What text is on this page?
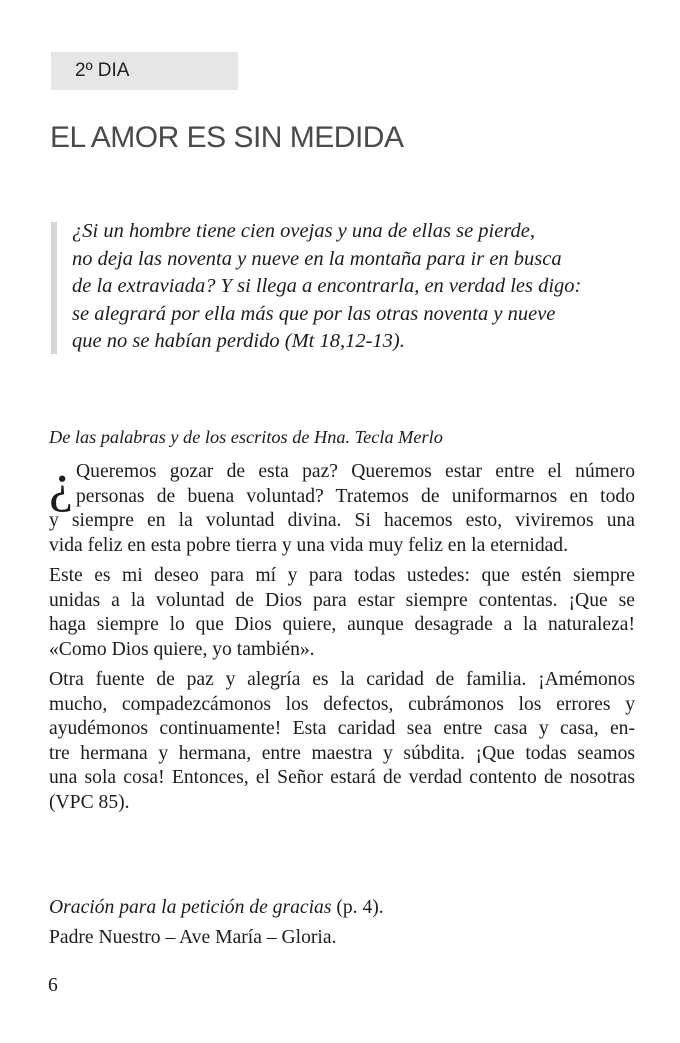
2º DIA
EL AMOR ES SIN MEDIDA
¿Si un hombre tiene cien ovejas y una de ellas se pierde,
no deja las noventa y nueve en la montaña para ir en busca
de la extraviada? Y si llega a encontrarla, en verdad les digo:
se alegrará por ella más que por las otras noventa y nueve
que no se habían perdido (Mt 18,12-13).

De las palabras y de los escritos de Hna. Tecla Merlo

¿ Queremos gozar de esta paz? Queremos estar entre el número
personas de buena voluntad? Tratemos de uniformarnos en todo
y siempre en la voluntad divina. Si hacemos esto, viviremos una
vida feliz en esta pobre tierra y una vida muy feliz en la eternidad.
Este es mi deseo para mí y para todas ustedes: que estén siempre
unidas a la voluntad de Dios para estar siempre contentas. ¡Que se
haga siempre lo que Dios quiere, aunque desagrade a la naturaleza!
«Como Dios quiere, yo también».
Otra fuente de paz y alegría es la caridad de familia. ¡Amémonos
mucho, compadezcámonos los defectos, cubrámonos los errores y
ayudémonos continuamente! Esta caridad sea entre casa y casa, en-
tre hermana y hermana, entre maestra y súbdita. ¡Que todas seamos
una sola cosa! Entonces, el Señor estará de verdad contento de nosotras
(VPC 85).
Oración para la petición de gracias (p. 4).
Padre Nuestro – Ave María – Gloria.
6
